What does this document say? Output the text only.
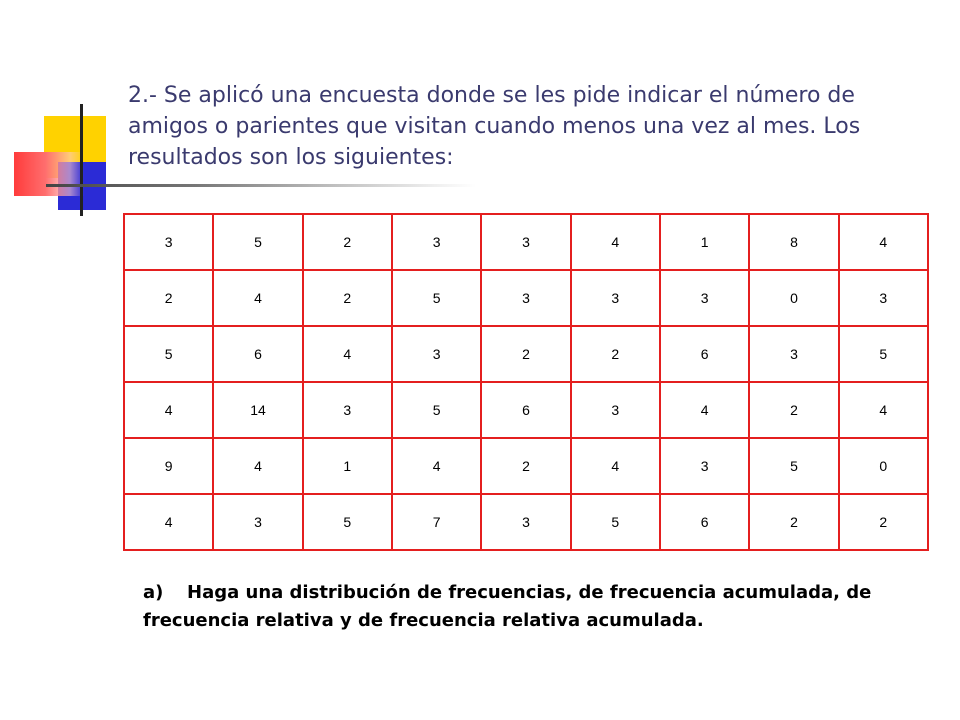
2.- Se aplicó una encuesta donde se les pide indicar el número de amigos o parientes que visitan cuando menos una vez al mes. Los resultados son los siguientes:

3	5	2	3	3	4	1	8	4
2	4	2	5	3	3	3	0	3
5	6	4	3	2	2	6	3	5
4	14	3	5	6	3	4	2	4
9	4	1	4	2	4	3	5	0
4	3	5	7	3	5	6	2	2

a) Haga una distribución de frecuencias, de frecuencia acumulada, de frecuencia relativa y de frecuencia relativa acumulada.
